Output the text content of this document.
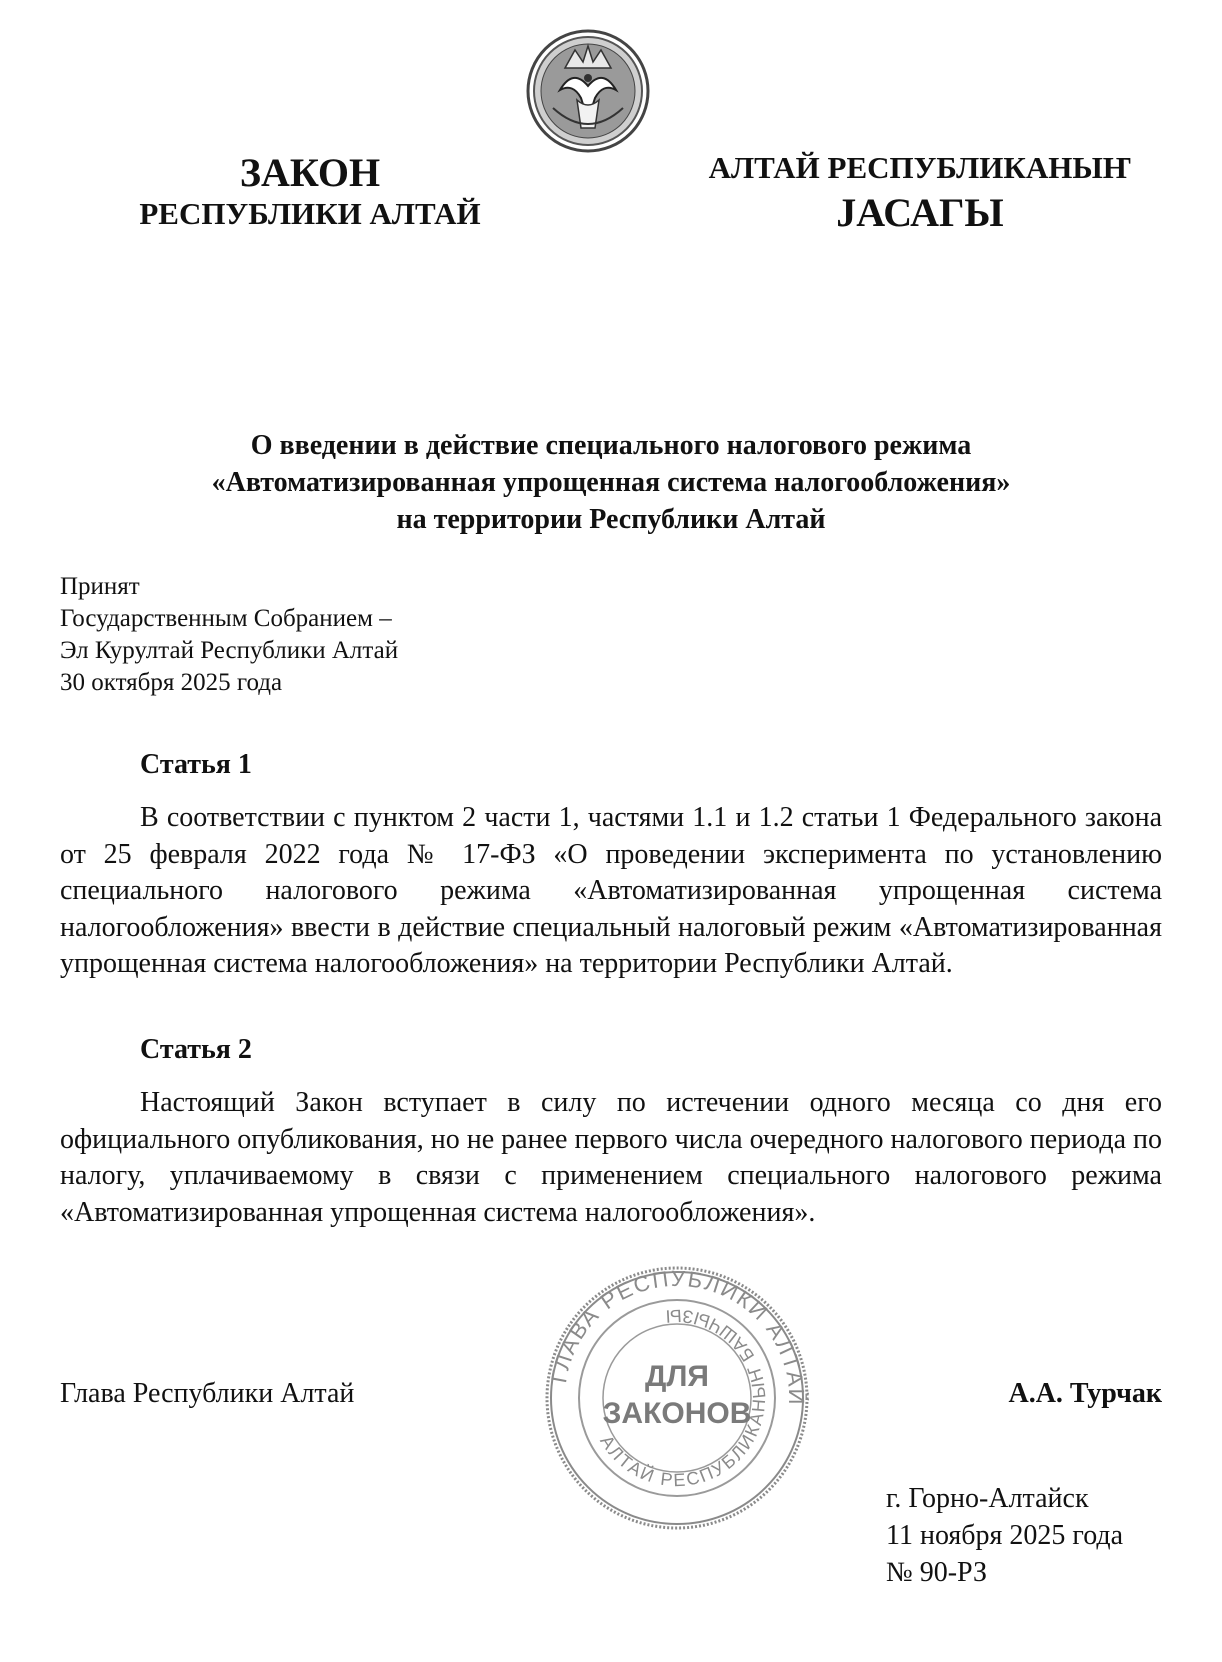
ЗАКОН
РЕСПУБЛИКИ АЛТАЙ
АЛТАЙ РЕСПУБЛИКАНЫҤ
ЈАСАГЫ
О введении в действие специального налогового режима
«Автоматизированная упрощенная система налогообложения»
на территории Республики Алтай
Принят
Государственным Собранием –
Эл Курултай Республики Алтай
30 октября 2025 года
Статья 1

В соответствии с пунктом 2 части 1, частями 1.1 и 1.2 статьи 1 Федерального закона от 25 февраля 2022 года № 17-ФЗ «О проведении эксперимента по установлению специального налогового режима «Автоматизированная упрощенная система налогообложения» ввести в действие специальный налоговый режим «Автоматизированная упрощенная система налогообложения» на территории Республики Алтай.

Статья 2

Настоящий Закон вступает в силу по истечении одного месяца со дня его официального опубликования, но не ранее первого числа очередного налогового периода по налогу, уплачиваемому в связи с применением специального налогового режима «Автоматизированная упрощенная система налогообложения».

ГЛАВА РЕСПУБЛИКИ АЛТАЙ
АЛТАЙ РЕСПУБЛИКАНЫҤ БАШЧЫЗЫ
ДЛЯ
ЗАКОНОВ
Глава Республики Алтай	А.А. Турчак
г. Горно-Алтайск
11 ноября 2025 года
№ 90-РЗ
